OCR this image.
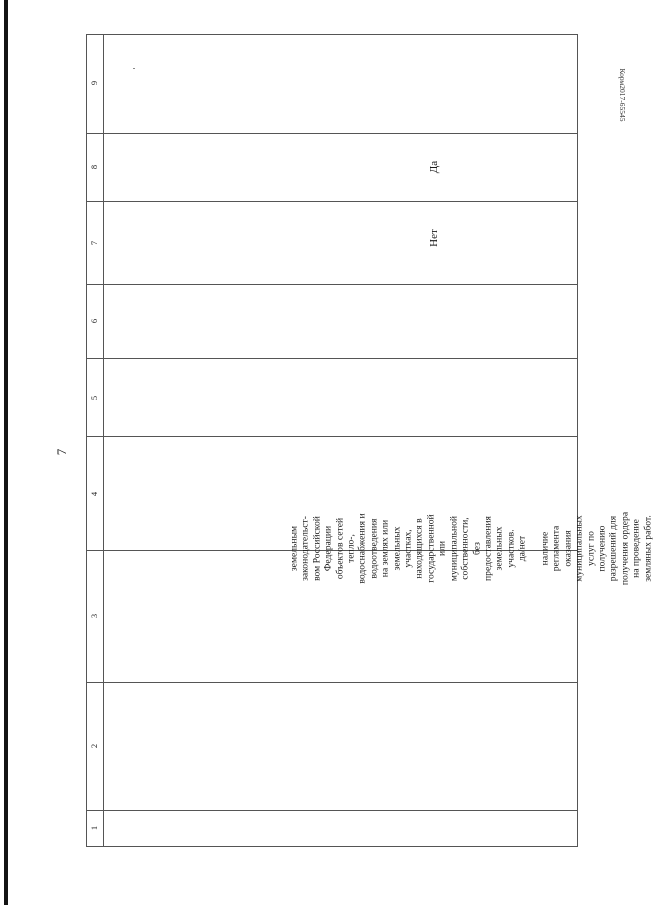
7
Корм2017-65545
1
2
3
4
5
6
7
8
9
земельным законодательст- вом Российской Федерации объектов сетей тепло-, водоснабжения и водоотведения на землях или земельных участках, находящихся в государственной или муниципальной собственности, без предоставления земельных участков. да/нет наличие регламента оказания муниципальных услуг по получению разрешений для получения ордера на проведение земляных работ.
Нет
Да
